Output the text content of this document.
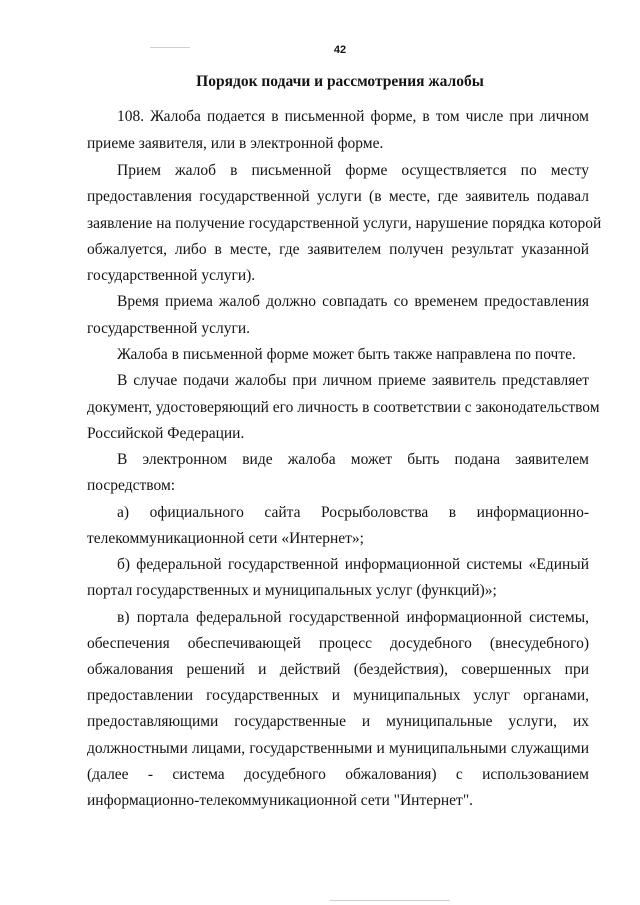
42
Порядок подачи и рассмотрения жалобы
108. Жалоба подается в письменной форме, в том числе при личном
приеме заявителя, или в электронной форме.
Прием жалоб в письменной форме осуществляется по месту
предоставления государственной услуги (в месте, где заявитель подавал
заявление на получение государственной услуги, нарушение порядка которой
обжалуется, либо в месте, где заявителем получен результат указанной
государственной услуги).
Время приема жалоб должно совпадать со временем предоставления
государственной услуги.
Жалоба в письменной форме может быть также направлена по почте.
В случае подачи жалобы при личном приеме заявитель представляет
документ, удостоверяющий его личность в соответствии с законодательством
Российской Федерации.
В электронном виде жалоба может быть подана заявителем
посредством:
а) официального сайта Росрыболовства в информационно-
телекоммуникационной сети «Интернет»;
б) федеральной государственной информационной системы «Единый
портал государственных и муниципальных услуг (функций)»;
в) портала федеральной государственной информационной системы,
обеспечения обеспечивающей процесс досудебного (внесудебного)
обжалования решений и действий (бездействия), совершенных при
предоставлении государственных и муниципальных услуг органами,
предоставляющими государственные и муниципальные услуги, их
должностными лицами, государственными и муниципальными служащими
(далее - система досудебного обжалования) с использованием
информационно-телекоммуникационной сети "Интернет".
